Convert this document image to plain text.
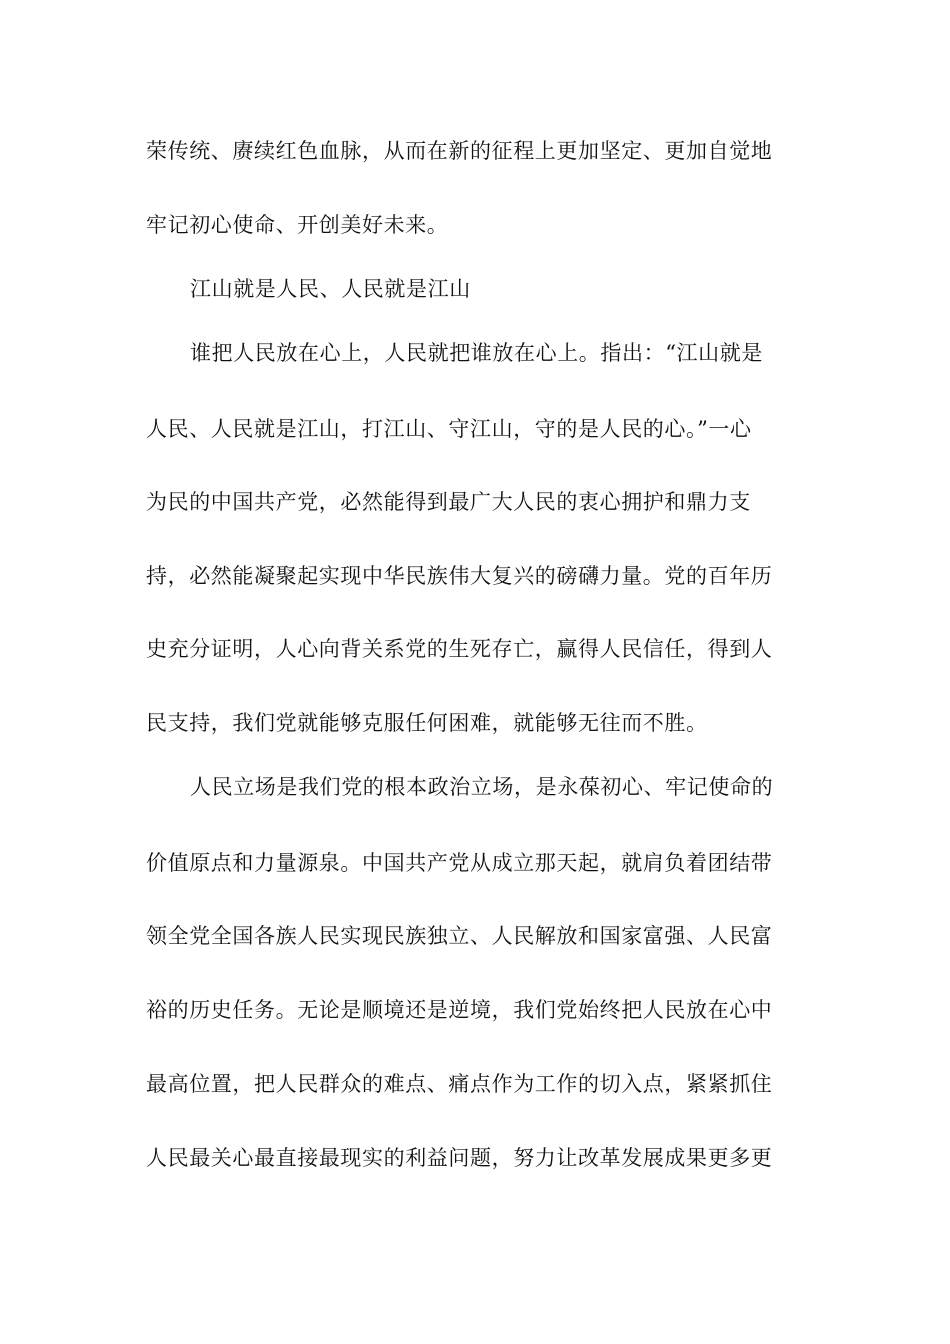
荣传统、赓续红色血脉，从而在新的征程上更加坚定、更加自觉地

牢记初心使命、开创美好未来。

江山就是人民、人民就是江山

谁把人民放在心上，人民就把谁放在心上。指出：“江山就是

人民、人民就是江山，打江山、守江山，守的是人民的心。”一心

为民的中国共产党，必然能得到最广大人民的衷心拥护和鼎力支

持，必然能凝聚起实现中华民族伟大复兴的磅礴力量。党的百年历

史充分证明，人心向背关系党的生死存亡，赢得人民信任，得到人

民支持，我们党就能够克服任何困难，就能够无往而不胜。

人民立场是我们党的根本政治立场，是永葆初心、牢记使命的

价值原点和力量源泉。中国共产党从成立那天起，就肩负着团结带

领全党全国各族人民实现民族独立、人民解放和国家富强、人民富

裕的历史任务。无论是顺境还是逆境，我们党始终把人民放在心中

最高位置，把人民群众的难点、痛点作为工作的切入点，紧紧抓住

人民最关心最直接最现实的利益问题，努力让改革发展成果更多更
